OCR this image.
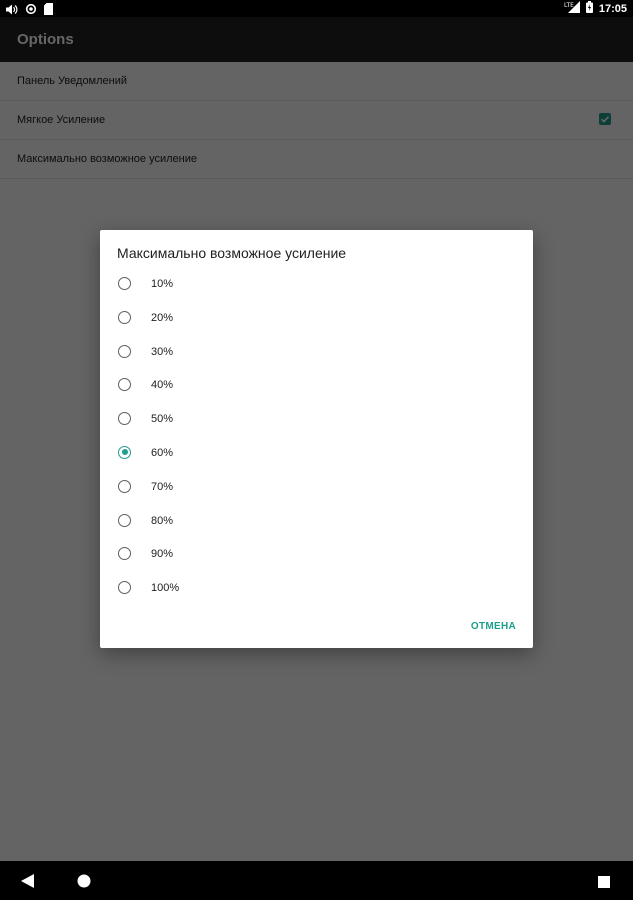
LTE 17:05
Максимально возможное усиление
10%
20%
30%
40%
50%
60%
70%
80%
90%
100%
ОТМЕНА
